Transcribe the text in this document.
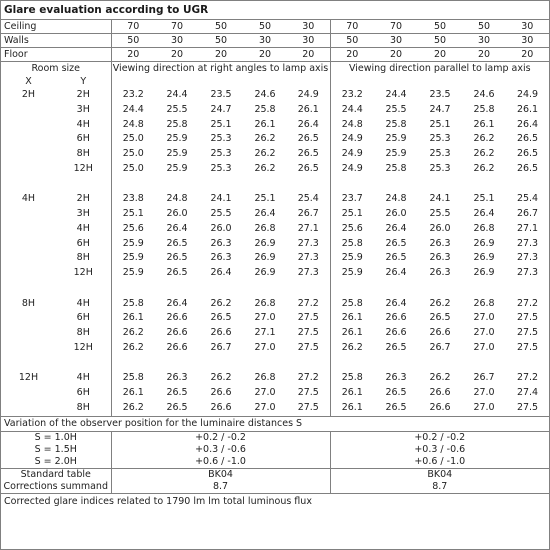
Glare evaluation according to UGR
Ceiling		70	70	50	50	30	70	70	50	50	30
Walls		50	30	50	30	30	50	30	50	30	30
Floor		20	20	20	20	20	20	20	20	20	20
Room size		Viewing direction at right angles to lamp axis					Viewing direction parallel to lamp axis				
X	Y										
2H	2H	23.2	24.4	23.5	24.6	24.9	23.2	24.4	23.5	24.6	24.9
	3H	24.4	25.5	24.7	25.8	26.1	24.4	25.5	24.7	25.8	26.1
	4H	24.8	25.8	25.1	26.1	26.4	24.8	25.8	25.1	26.1	26.4
	6H	25.0	25.9	25.3	26.2	26.5	24.9	25.9	25.3	26.2	26.5
	8H	25.0	25.9	25.3	26.2	26.5	24.9	25.9	25.3	26.2	26.5
	12H	25.0	25.9	25.3	26.2	26.5	24.9	25.8	25.3	26.2	26.5

4H	2H	23.8	24.8	24.1	25.1	25.4	23.7	24.8	24.1	25.1	25.4
	3H	25.1	26.0	25.5	26.4	26.7	25.1	26.0	25.5	26.4	26.7
	4H	25.6	26.4	26.0	26.8	27.1	25.6	26.4	26.0	26.8	27.1
	6H	25.9	26.5	26.3	26.9	27.3	25.8	26.5	26.3	26.9	27.3
	8H	25.9	26.5	26.3	26.9	27.3	25.9	26.5	26.3	26.9	27.3
	12H	25.9	26.5	26.4	26.9	27.3	25.9	26.4	26.3	26.9	27.3

8H	4H	25.8	26.4	26.2	26.8	27.2	25.8	26.4	26.2	26.8	27.2
	6H	26.1	26.6	26.5	27.0	27.5	26.1	26.6	26.5	27.0	27.5
	8H	26.2	26.6	26.6	27.1	27.5	26.1	26.6	26.6	27.0	27.5
	12H	26.2	26.6	26.7	27.0	27.5	26.2	26.5	26.7	27.0	27.5

12H	4H	25.8	26.3	26.2	26.8	27.2	25.8	26.3	26.2	26.7	27.2
	6H	26.1	26.5	26.6	27.0	27.5	26.1	26.5	26.6	27.0	27.4
	8H	26.2	26.5	26.6	27.0	27.5	26.1	26.5	26.6	27.0	27.5
Variation of the observer position for the luminaire distances S											
S = 1.0H		+0.2 / -0.2					+0.2 / -0.2				
S = 1.5H		+0.3 / -0.6					+0.3 / -0.6				
S = 2.0H		+0.6 / -1.0					+0.6 / -1.0				
Standard table		BK04					BK04				
Corrections summand		8.7					8.7				
Corrected glare indices related to 1790 lm lm total luminous flux
